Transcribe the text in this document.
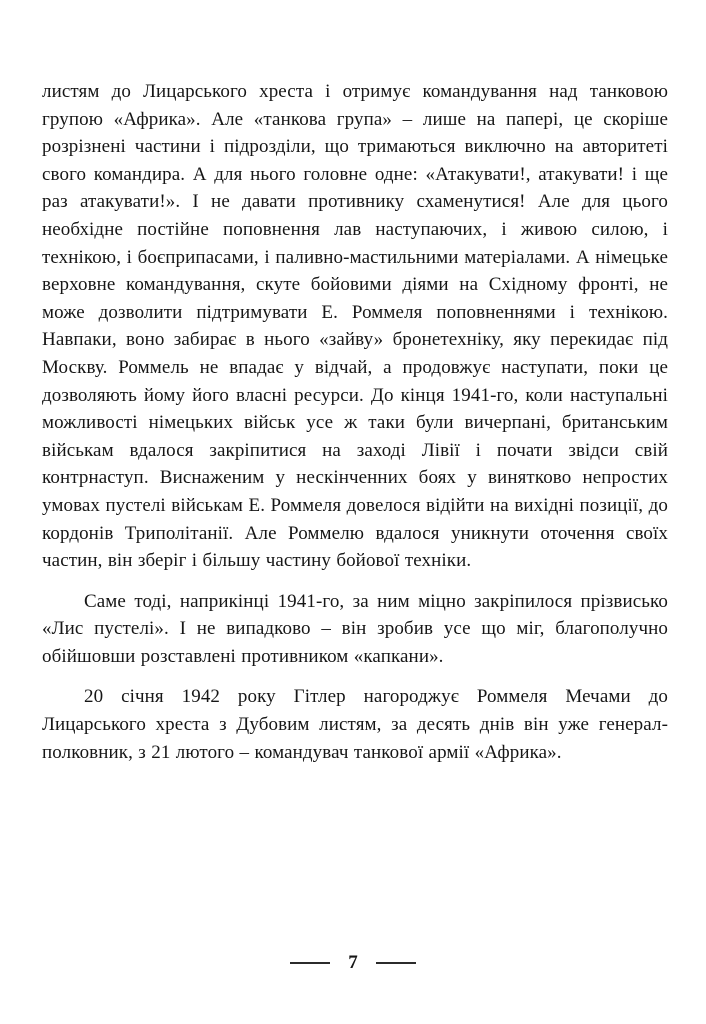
листям до Лицарського хреста і отримує командування над танковою групою «Африка». Але «танкова група» – лише на папері, це скоріше розрізнені частини і підрозділи, що тримаються виключно на авторитеті свого командира. А для нього головне одне: «Атакувати!, атакувати! і ще раз атакувати!». І не давати противнику схаменутися! Але для цього необхідне постійне поповнення лав наступаючих, і живою силою, і технікою, і боєприпасами, і паливно-мастильними матеріалами. А німецьке верховне командування, скуте бойовими діями на Східному фронті, не може дозволити підтримувати Е. Роммеля поповненнями і технікою. Навпаки, воно забирає в нього «зайву» бронетехніку, яку перекидає під Москву. Роммель не впадає у відчай, а продовжує наступати, поки це дозволяють йому його власні ресурси. До кінця 1941-го, коли наступальні можливості німецьких військ усе ж таки були вичерпані, британським військам вдалося закріпитися на заході Лівії і почати звідси свій контрнаступ. Виснаженим у нескінченних боях у винятково непростих умовах пустелі військам Е. Роммеля довелося відійти на вихідні позиції, до кордонів Триполітанії. Але Роммелю вдалося уникнути оточення своїх частин, він зберіг і більшу частину бойової техніки.

Саме тоді, наприкінці 1941-го, за ним міцно закріпилося прізвисько «Лис пустелі». І не випадково – він зробив усе що міг, благополучно обійшовши розставлені противником «капкани».

20 січня 1942 року Гітлер нагороджує Роммеля Мечами до Лицарського хреста з Дубовим листям, за десять днів він уже генерал-полковник, з 21 лютого – командувач танкової армії «Африка».

7
